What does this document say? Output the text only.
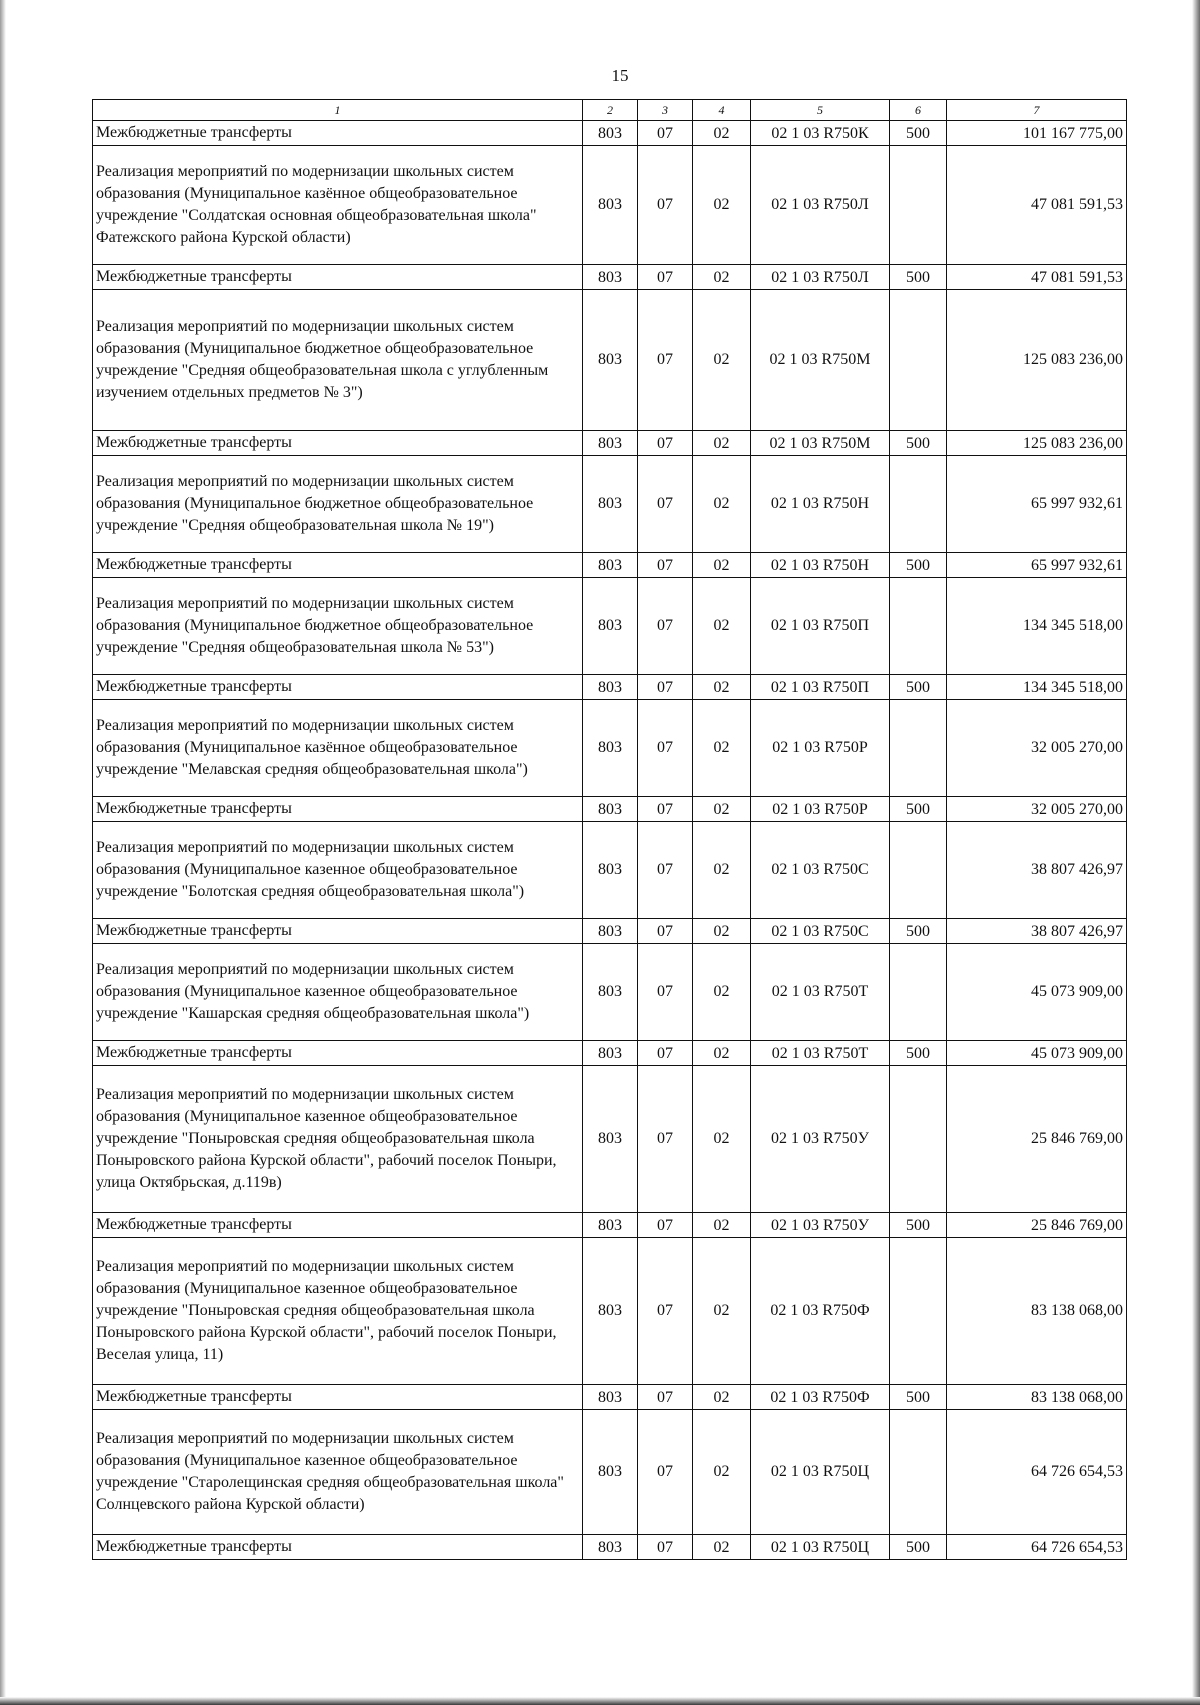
15
1	2	3	4	5	6	7
Межбюджетные трансферты	803	07	02	02 1 03 R750К	500	101 167 775,00
Реализация мероприятий по модернизации школьных систем образования (Муниципальное казённое общеобразовательное учреждение "Солдатская основная общеобразовательная школа" Фатежского района Курской области)	803	07	02	02 1 03 R750Л		47 081 591,53
Межбюджетные трансферты	803	07	02	02 1 03 R750Л	500	47 081 591,53
Реализация мероприятий по модернизации школьных систем образования (Муниципальное бюджетное общеобразовательное учреждение "Средняя общеобразовательная школа с углубленным изучением отдельных предметов № 3")	803	07	02	02 1 03 R750М		125 083 236,00
Межбюджетные трансферты	803	07	02	02 1 03 R750М	500	125 083 236,00
Реализация мероприятий по модернизации школьных систем образования (Муниципальное бюджетное общеобразовательное учреждение "Средняя общеобразовательная школа № 19")	803	07	02	02 1 03 R750Н		65 997 932,61
Межбюджетные трансферты	803	07	02	02 1 03 R750Н	500	65 997 932,61
Реализация мероприятий по модернизации школьных систем образования (Муниципальное бюджетное общеобразовательное учреждение "Средняя общеобразовательная школа № 53")	803	07	02	02 1 03 R750П		134 345 518,00
Межбюджетные трансферты	803	07	02	02 1 03 R750П	500	134 345 518,00
Реализация мероприятий по модернизации школьных систем образования (Муниципальное казённое общеобразовательное учреждение "Мелавская средняя общеобразовательная школа")	803	07	02	02 1 03 R750Р		32 005 270,00
Межбюджетные трансферты	803	07	02	02 1 03 R750Р	500	32 005 270,00
Реализация мероприятий по модернизации школьных систем образования (Муниципальное казенное общеобразовательное учреждение "Болотская средняя общеобразовательная школа")	803	07	02	02 1 03 R750С		38 807 426,97
Межбюджетные трансферты	803	07	02	02 1 03 R750С	500	38 807 426,97
Реализация мероприятий по модернизации школьных систем образования (Муниципальное казенное общеобразовательное учреждение "Кашарская средняя общеобразовательная школа")	803	07	02	02 1 03 R750Т		45 073 909,00
Межбюджетные трансферты	803	07	02	02 1 03 R750Т	500	45 073 909,00
Реализация мероприятий по модернизации школьных систем образования (Муниципальное казенное общеобразовательное учреждение "Поныровская средняя общеобразовательная школа Поныровского района Курской области", рабочий поселок Поныри, улица Октябрьская, д.119в)	803	07	02	02 1 03 R750У		25 846 769,00
Межбюджетные трансферты	803	07	02	02 1 03 R750У	500	25 846 769,00
Реализация мероприятий по модернизации школьных систем образования (Муниципальное казенное общеобразовательное учреждение "Поныровская средняя общеобразовательная школа Поныровского района Курской области", рабочий поселок Поныри, Веселая улица, 11)	803	07	02	02 1 03 R750Ф		83 138 068,00
Межбюджетные трансферты	803	07	02	02 1 03 R750Ф	500	83 138 068,00
Реализация мероприятий по модернизации школьных систем образования (Муниципальное казенное общеобразовательное учреждение "Старолещинская средняя общеобразовательная школа" Солнцевского района Курской области)	803	07	02	02 1 03 R750Ц		64 726 654,53
Межбюджетные трансферты	803	07	02	02 1 03 R750Ц	500	64 726 654,53
